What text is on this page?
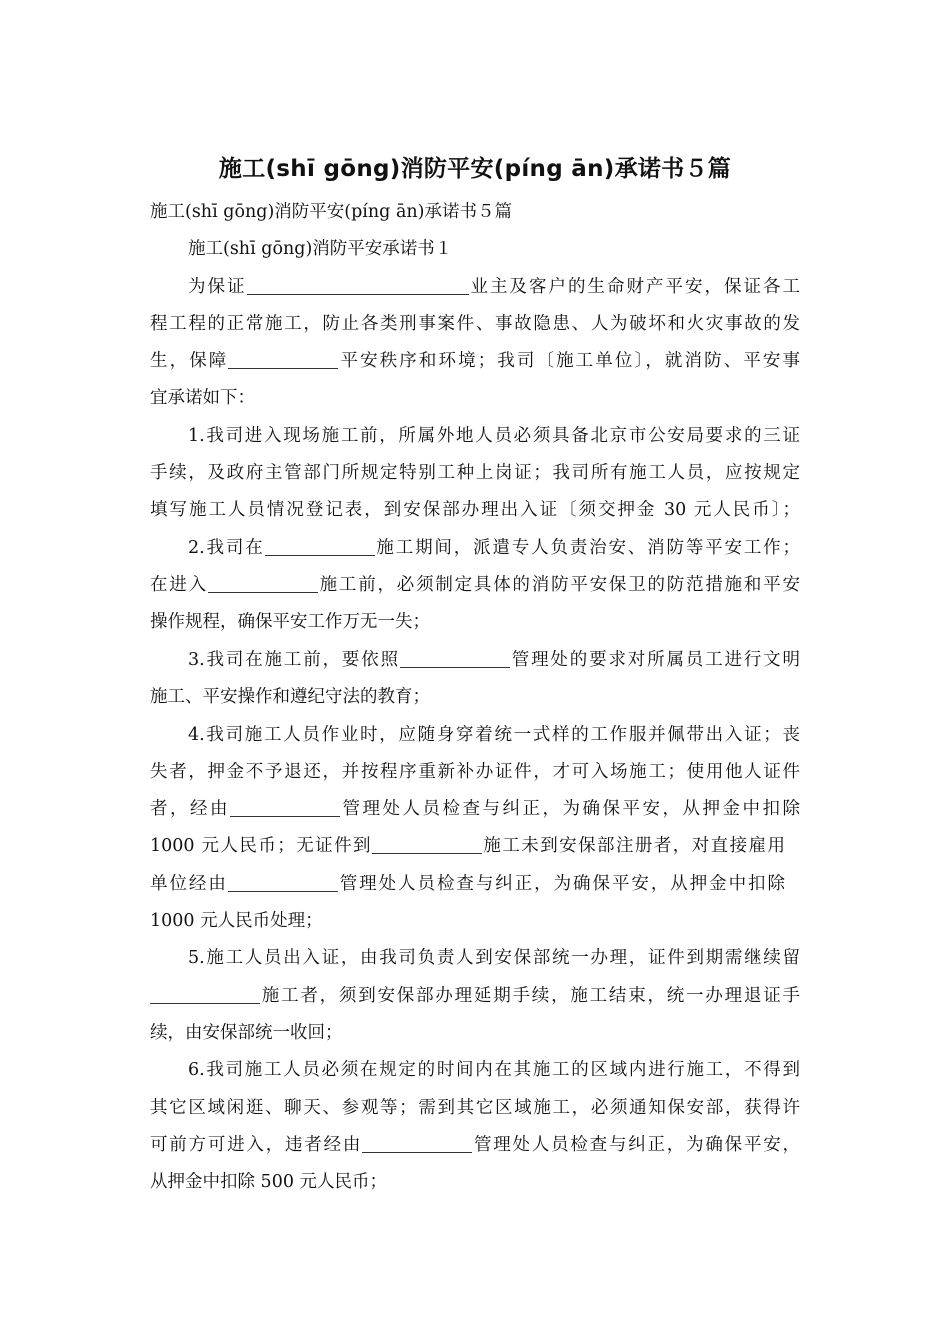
施工(shī gōng)消防平安(píng ān)承诺书５篇
施工(shī gōng)消防平安(píng ān)承诺书５篇
施工(shī gōng)消防平安承诺书１
为保证	业主及客户的生命财产平安，保证各工
程工程的正常施工，防止各类刑事案件、事故隐患、人为破坏和火灾事故的发
生，保障	平安秩序和环境；我司〔施工单位〕，就消防、平安事
宜承诺如下：
1.我司进入现场施工前，所属外地人员必须具备北京市公安局要求的三证
手续，及政府主管部门所规定特别工种上岗证；我司所有施工人员，应按规定
填写施工人员情况登记表，到安保部办理出入证〔须交押金 30 元人民币〕；
2.我司在	施工期间，派遣专人负责治安、消防等平安工作；
在进入	施工前，必须制定具体的消防平安保卫的防范措施和平安
操作规程，确保平安工作万无一失；
3.我司在施工前，要依照	管理处的要求对所属员工进行文明
施工、平安操作和遵纪守法的教育；
4.我司施工人员作业时，应随身穿着统一式样的工作服并佩带出入证；丧
失者，押金不予退还，并按程序重新补办证件，才可入场施工；使用他人证件
者，经由	管理处人员检查与纠正，为确保平安，从押金中扣除
1000 元人民币；无证件到	施工未到安保部注册者，对直接雇用
单位经由	管理处人员检查与纠正，为确保平安，从押金中扣除
1000 元人民币处理；
5.施工人员出入证，由我司负责人到安保部统一办理，证件到期需继续留
施工者，须到安保部办理延期手续，施工结束，统一办理退证手
续，由安保部统一收回；
6.我司施工人员必须在规定的时间内在其施工的区域内进行施工，不得到
其它区域闲逛、聊天、参观等；需到其它区域施工，必须通知保安部，获得许
可前方可进入，违者经由	管理处人员检查与纠正，为确保平安，
从押金中扣除 500 元人民币；
